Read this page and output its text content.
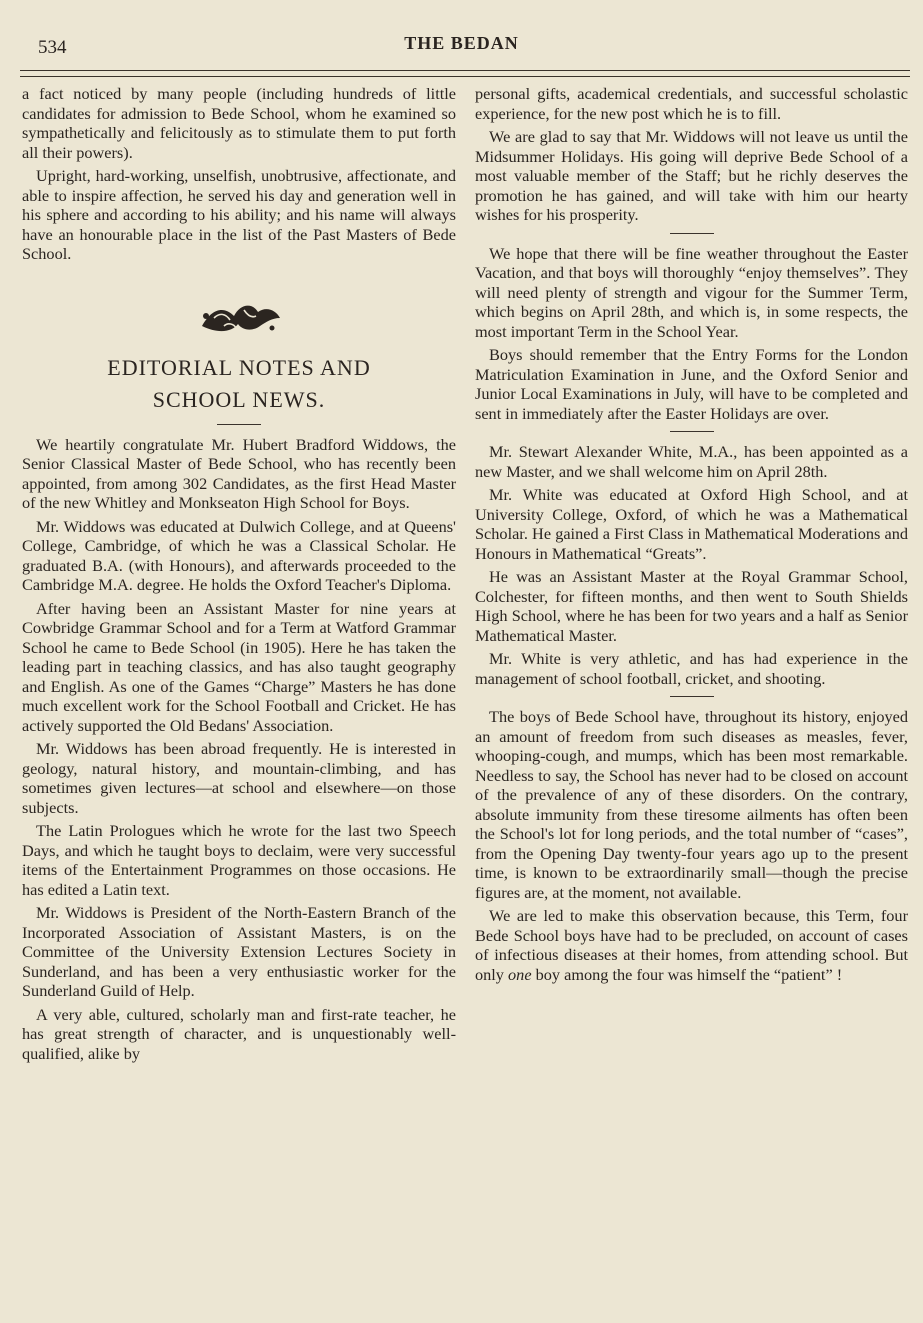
534	THE BEDAN

a fact noticed by many people (including hundreds of little candidates for admission to Bede School, whom he examined so sympathetically and felicitously as to stimulate them to put forth all their powers).

Upright, hard-working, unselfish, unobtrusive, affectionate, and able to inspire affection, he served his day and generation well in his sphere and according to his ability; and his name will always have an honourable place in the list of the Past Masters of Bede School.

EDITORIAL NOTES AND
SCHOOL NEWS.

We heartily congratulate Mr. Hubert Bradford Widdows, the Senior Classical Master of Bede School, who has recently been appointed, from among 302 Candidates, as the first Head Master of the new Whitley and Monkseaton High School for Boys.

Mr. Widdows was educated at Dulwich College, and at Queens' College, Cambridge, of which he was a Classical Scholar. He graduated B.A. (with Honours), and afterwards proceeded to the Cambridge M.A. degree. He holds the Oxford Teacher's Diploma.

After having been an Assistant Master for nine years at Cowbridge Grammar School and for a Term at Watford Grammar School he came to Bede School (in 1905). Here he has taken the leading part in teaching classics, and has also taught geography and English. As one of the Games “Charge” Masters he has done much excellent work for the School Football and Cricket. He has actively supported the Old Bedans' Association.

Mr. Widdows has been abroad frequently. He is interested in geology, natural history, and mountain-climbing, and has sometimes given lectures—at school and elsewhere—on those subjects.

The Latin Prologues which he wrote for the last two Speech Days, and which he taught boys to declaim, were very successful items of the Entertainment Programmes on those occasions. He has edited a Latin text.

Mr. Widdows is President of the North-Eastern Branch of the Incorporated Association of Assistant Masters, is on the Committee of the University Extension Lectures Society in Sunderland, and has been a very enthusiastic worker for the Sunderland Guild of Help.

A very able, cultured, scholarly man and first-rate teacher, he has great strength of character, and is unquestionably well-qualified, alike by

personal gifts, academical credentials, and successful scholastic experience, for the new post which he is to fill.

We are glad to say that Mr. Widdows will not leave us until the Midsummer Holidays. His going will deprive Bede School of a most valuable member of the Staff; but he richly deserves the promotion he has gained, and will take with him our hearty wishes for his prosperity.

We hope that there will be fine weather throughout the Easter Vacation, and that boys will thoroughly “enjoy themselves”. They will need plenty of strength and vigour for the Summer Term, which begins on April 28th, and which is, in some respects, the most important Term in the School Year.

Boys should remember that the Entry Forms for the London Matriculation Examination in June, and the Oxford Senior and Junior Local Examinations in July, will have to be completed and sent in immediately after the Easter Holidays are over.

Mr. Stewart Alexander White, M.A., has been appointed as a new Master, and we shall welcome him on April 28th.

Mr. White was educated at Oxford High School, and at University College, Oxford, of which he was a Mathematical Scholar. He gained a First Class in Mathematical Moderations and Honours in Mathematical “Greats”.

He was an Assistant Master at the Royal Grammar School, Colchester, for fifteen months, and then went to South Shields High School, where he has been for two years and a half as Senior Mathematical Master.

Mr. White is very athletic, and has had experience in the management of school football, cricket, and shooting.

The boys of Bede School have, throughout its history, enjoyed an amount of freedom from such diseases as measles, fever, whooping-cough, and mumps, which has been most remarkable. Needless to say, the School has never had to be closed on account of the prevalence of any of these disorders. On the contrary, absolute immunity from these tiresome ailments has often been the School's lot for long periods, and the total number of “cases”, from the Opening Day twenty-four years ago up to the present time, is known to be extraordinarily small—though the precise figures are, at the moment, not available.

We are led to make this observation because, this Term, four Bede School boys have had to be precluded, on account of cases of infectious diseases at their homes, from attending school. But only one boy among the four was himself the “patient” !
